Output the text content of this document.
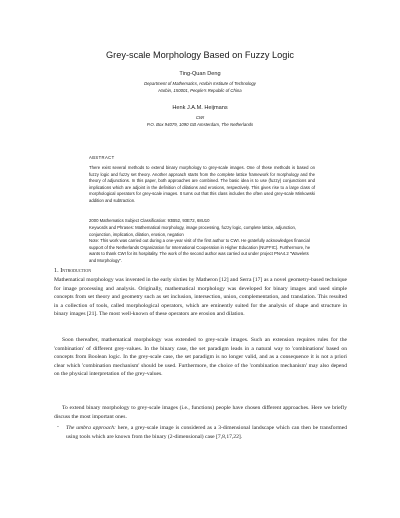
Grey-scale Morphology Based on Fuzzy Logic
Ting-Quan Deng
Department of Mathematics, Harbin Institute of Technology
Harbin, 150001, People's Republic of China
Henk J.A.M. Heijmans
CWI
P.O. Box 94079, 1090 GB Amsterdam, The Netherlands
ABSTRACT

There exist several methods to extend binary morphology to grey-scale images. One of these methods is based on fuzzy logic and fuzzy set theory. Another approach starts from the complete lattice framework for morphology and the theory of adjunctions. In this paper, both approaches are combined. The basic idea is to use (fuzzy) conjunctions and implications which are adjoint in the definition of dilations and erosions, respectively. This gives rise to a large class of morphological operators for grey-scale images. It turns out that this class includes the often used grey-scale Minkowski addition and subtraction.

2000 Mathematics Subject Classification: 93B52, 93E72, 68U10

Keywords and Phrases: Mathematical morphology, image processing, fuzzy logic, complete lattice, adjunction, conjunction, implication, dilation, erosion, negation

Note: This work was carried out during a one-year visit of the first author to CWI. He gratefully acknowledges financial support of the Netherlands Organization for International Cooperation in Higher Education (NUFFIC). Furthermore, he wants to thank CWI for its hospitality. The work of the second author was carried out under project PNA4.2 "Wavelets and Morphology".

1. Introduction

Mathematical morphology was invented in the early sixties by Matheron [12] and Serra [17] as a novel geometry-based technique for image processing and analysis. Originally, mathematical morphology was developed for binary images and used simple concepts from set theory and geometry such as set inclusion, intersection, union, complementation, and translation. This resulted in a collection of tools, called morphological operators, which are eminently suited for the analysis of shape and structure in binary images [21]. The most well-known of these operators are erosion and dilation.

Soon thereafter, mathematical morphology was extended to grey-scale images. Such an extension requires rules for the 'combination' of different grey-values. In the binary case, the set paradigm leads in a natural way to 'combinations' based on concepts from Boolean logic. In the grey-scale case, the set paradigm is no longer valid, and as a consequence it is not a priori clear which 'combination mechanism' should be used. Furthermore, the choice of the 'combination mechanism' may also depend on the physical interpretation of the grey-values.

To extend binary morphology to grey-scale images (i.e., functions) people have chosen different approaches. Here we briefly discuss the most important ones.

- The umbra approach: here, a grey-scale image is considered as a 3-dimensional landscape which can then be transformed using tools which are known from the binary (2-dimensional) case [7,8,17,22].
